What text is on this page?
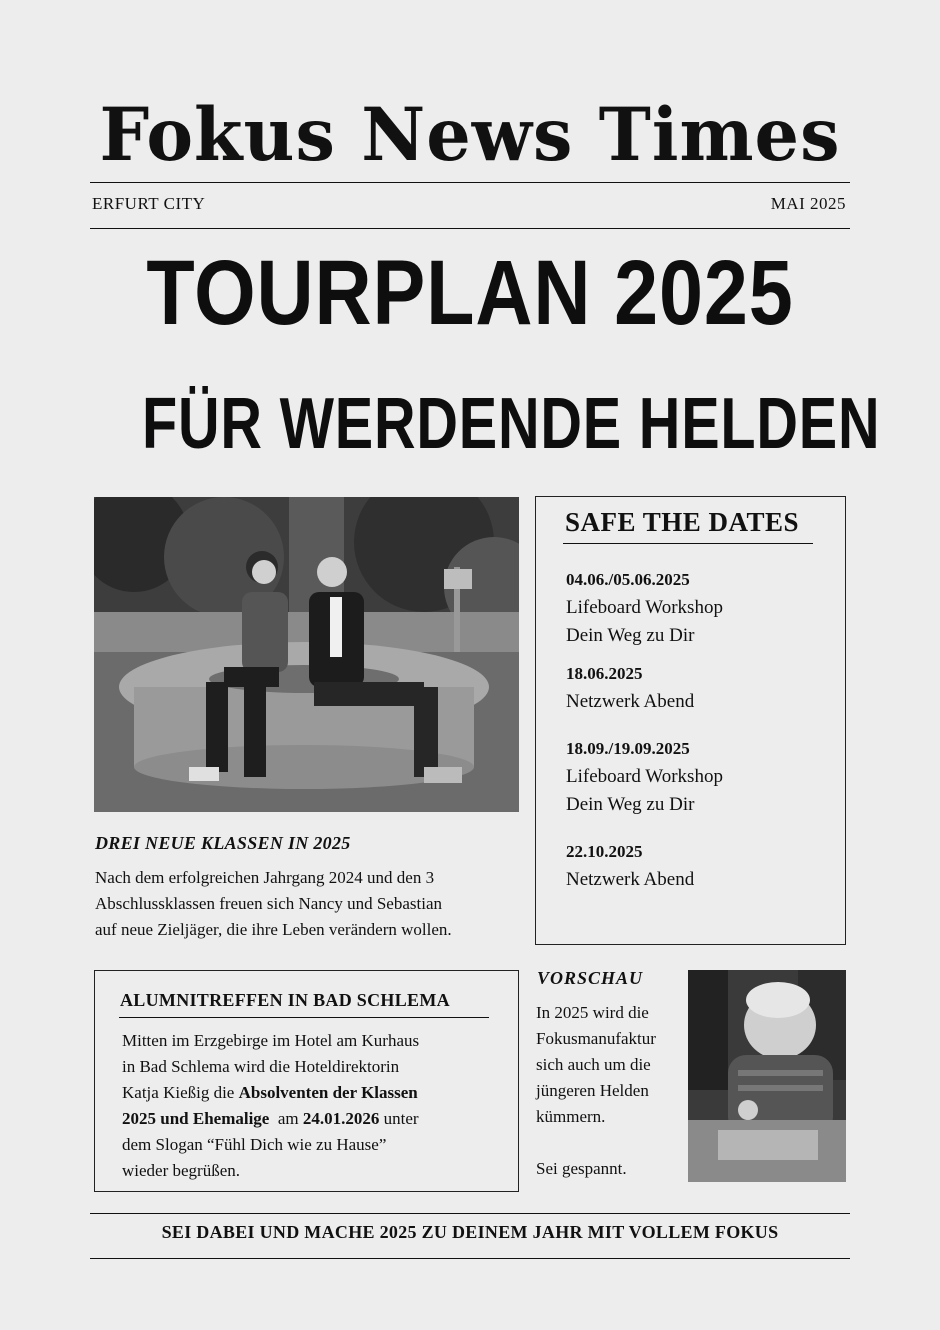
Fokus News Times
ERFURT CITY	MAI 2025
TOURPLAN 2025
FÜR WERDENDE HELDEN
DREI NEUE KLASSEN IN 2025
Nach dem erfolgreichen Jahrgang 2024 und den 3
Abschlussklassen freuen sich Nancy und Sebastian
auf neue Zieljäger, die ihre Leben verändern wollen.
SAFE THE DATES
04.06./05.06.2025
Lifeboard Workshop
Dein Weg zu Dir
18.06.2025
Netzwerk Abend
18.09./19.09.2025
Lifeboard Workshop
Dein Weg zu Dir
22.10.2025
Netzwerk Abend
ALUMNITREFFEN IN BAD SCHLEMA
Mitten im Erzgebirge im Hotel am Kurhaus
in Bad Schlema wird die Hoteldirektorin
Katja Kießig die Absolventen der Klassen
2025 und Ehemalige  am 24.01.2026 unter
dem Slogan “Fühl Dich wie zu Hause”
wieder begrüßen.
VORSCHAU
In 2025 wird die
Fokusmanufaktur
sich auch um die
jüngeren Helden
kümmern.
Sei gespannt.
SEI DABEI UND MACHE 2025 ZU DEINEM JAHR MIT VOLLEM FOKUS
